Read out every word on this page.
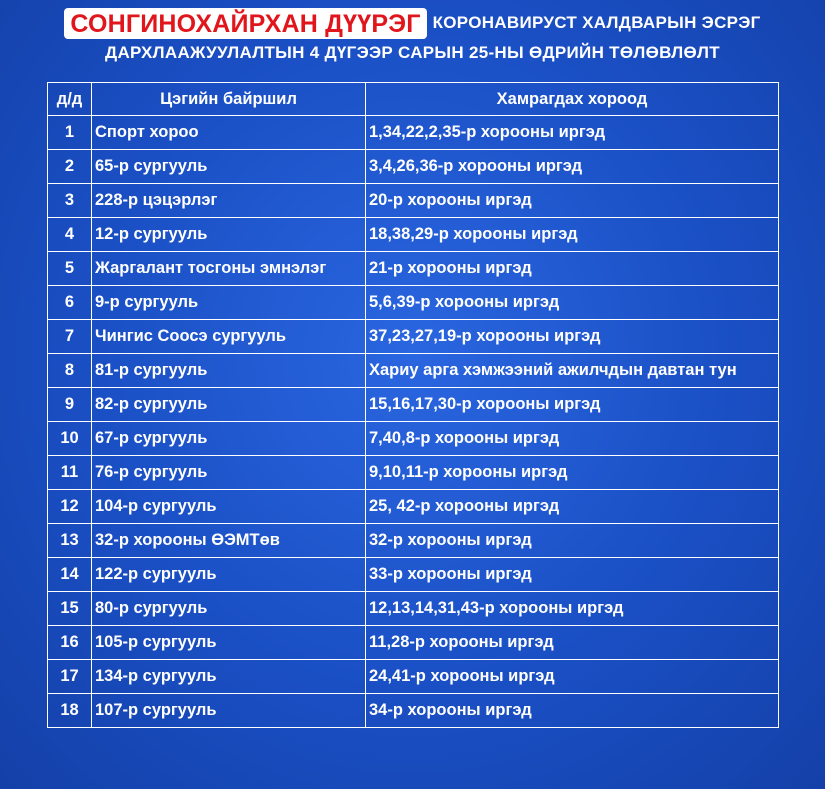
СОНГИНОХАЙРХАН ДҮҮРЭГ КОРОНАВИРУСТ ХАЛДВАРЫН ЭСРЭГ
ДАРХЛААЖУУЛАЛТЫН 4 ДҮГЭЭР САРЫН 25-НЫ ӨДРИЙН ТӨЛӨВЛӨЛТ
д/д	Цэгийн байршил	Хамрагдах хороод
1	Спорт хороо	1,34,22,2,35-р хорооны иргэд
2	65-р сургууль	3,4,26,36-р хорооны иргэд
3	228-р цэцэрлэг	20-р хорооны иргэд
4	12-р сургууль	18,38,29-р хорооны иргэд
5	Жаргалант тосгоны эмнэлэг	21-р хорооны иргэд
6	9-р сургууль	5,6,39-р хорооны иргэд
7	Чингис Соосэ сургууль	37,23,27,19-р хорооны иргэд
8	81-р сургууль	Хариу арга хэмжээний ажилчдын давтан тун
9	82-р сургууль	15,16,17,30-р хорооны иргэд
10	67-р сургууль	7,40,8-р хорооны иргэд
11	76-р сургууль	9,10,11-р хорооны иргэд
12	104-р сургууль	25, 42-р хорооны иргэд
13	32-р хорооны ӨЭМТөв	32-р хорооны иргэд
14	122-р сургууль	33-р хорооны иргэд
15	80-р сургууль	12,13,14,31,43-р хорооны иргэд
16	105-р сургууль	11,28-р хорооны иргэд
17	134-р сургууль	24,41-р хорооны иргэд
18	107-р сургууль	34-р хорооны иргэд
